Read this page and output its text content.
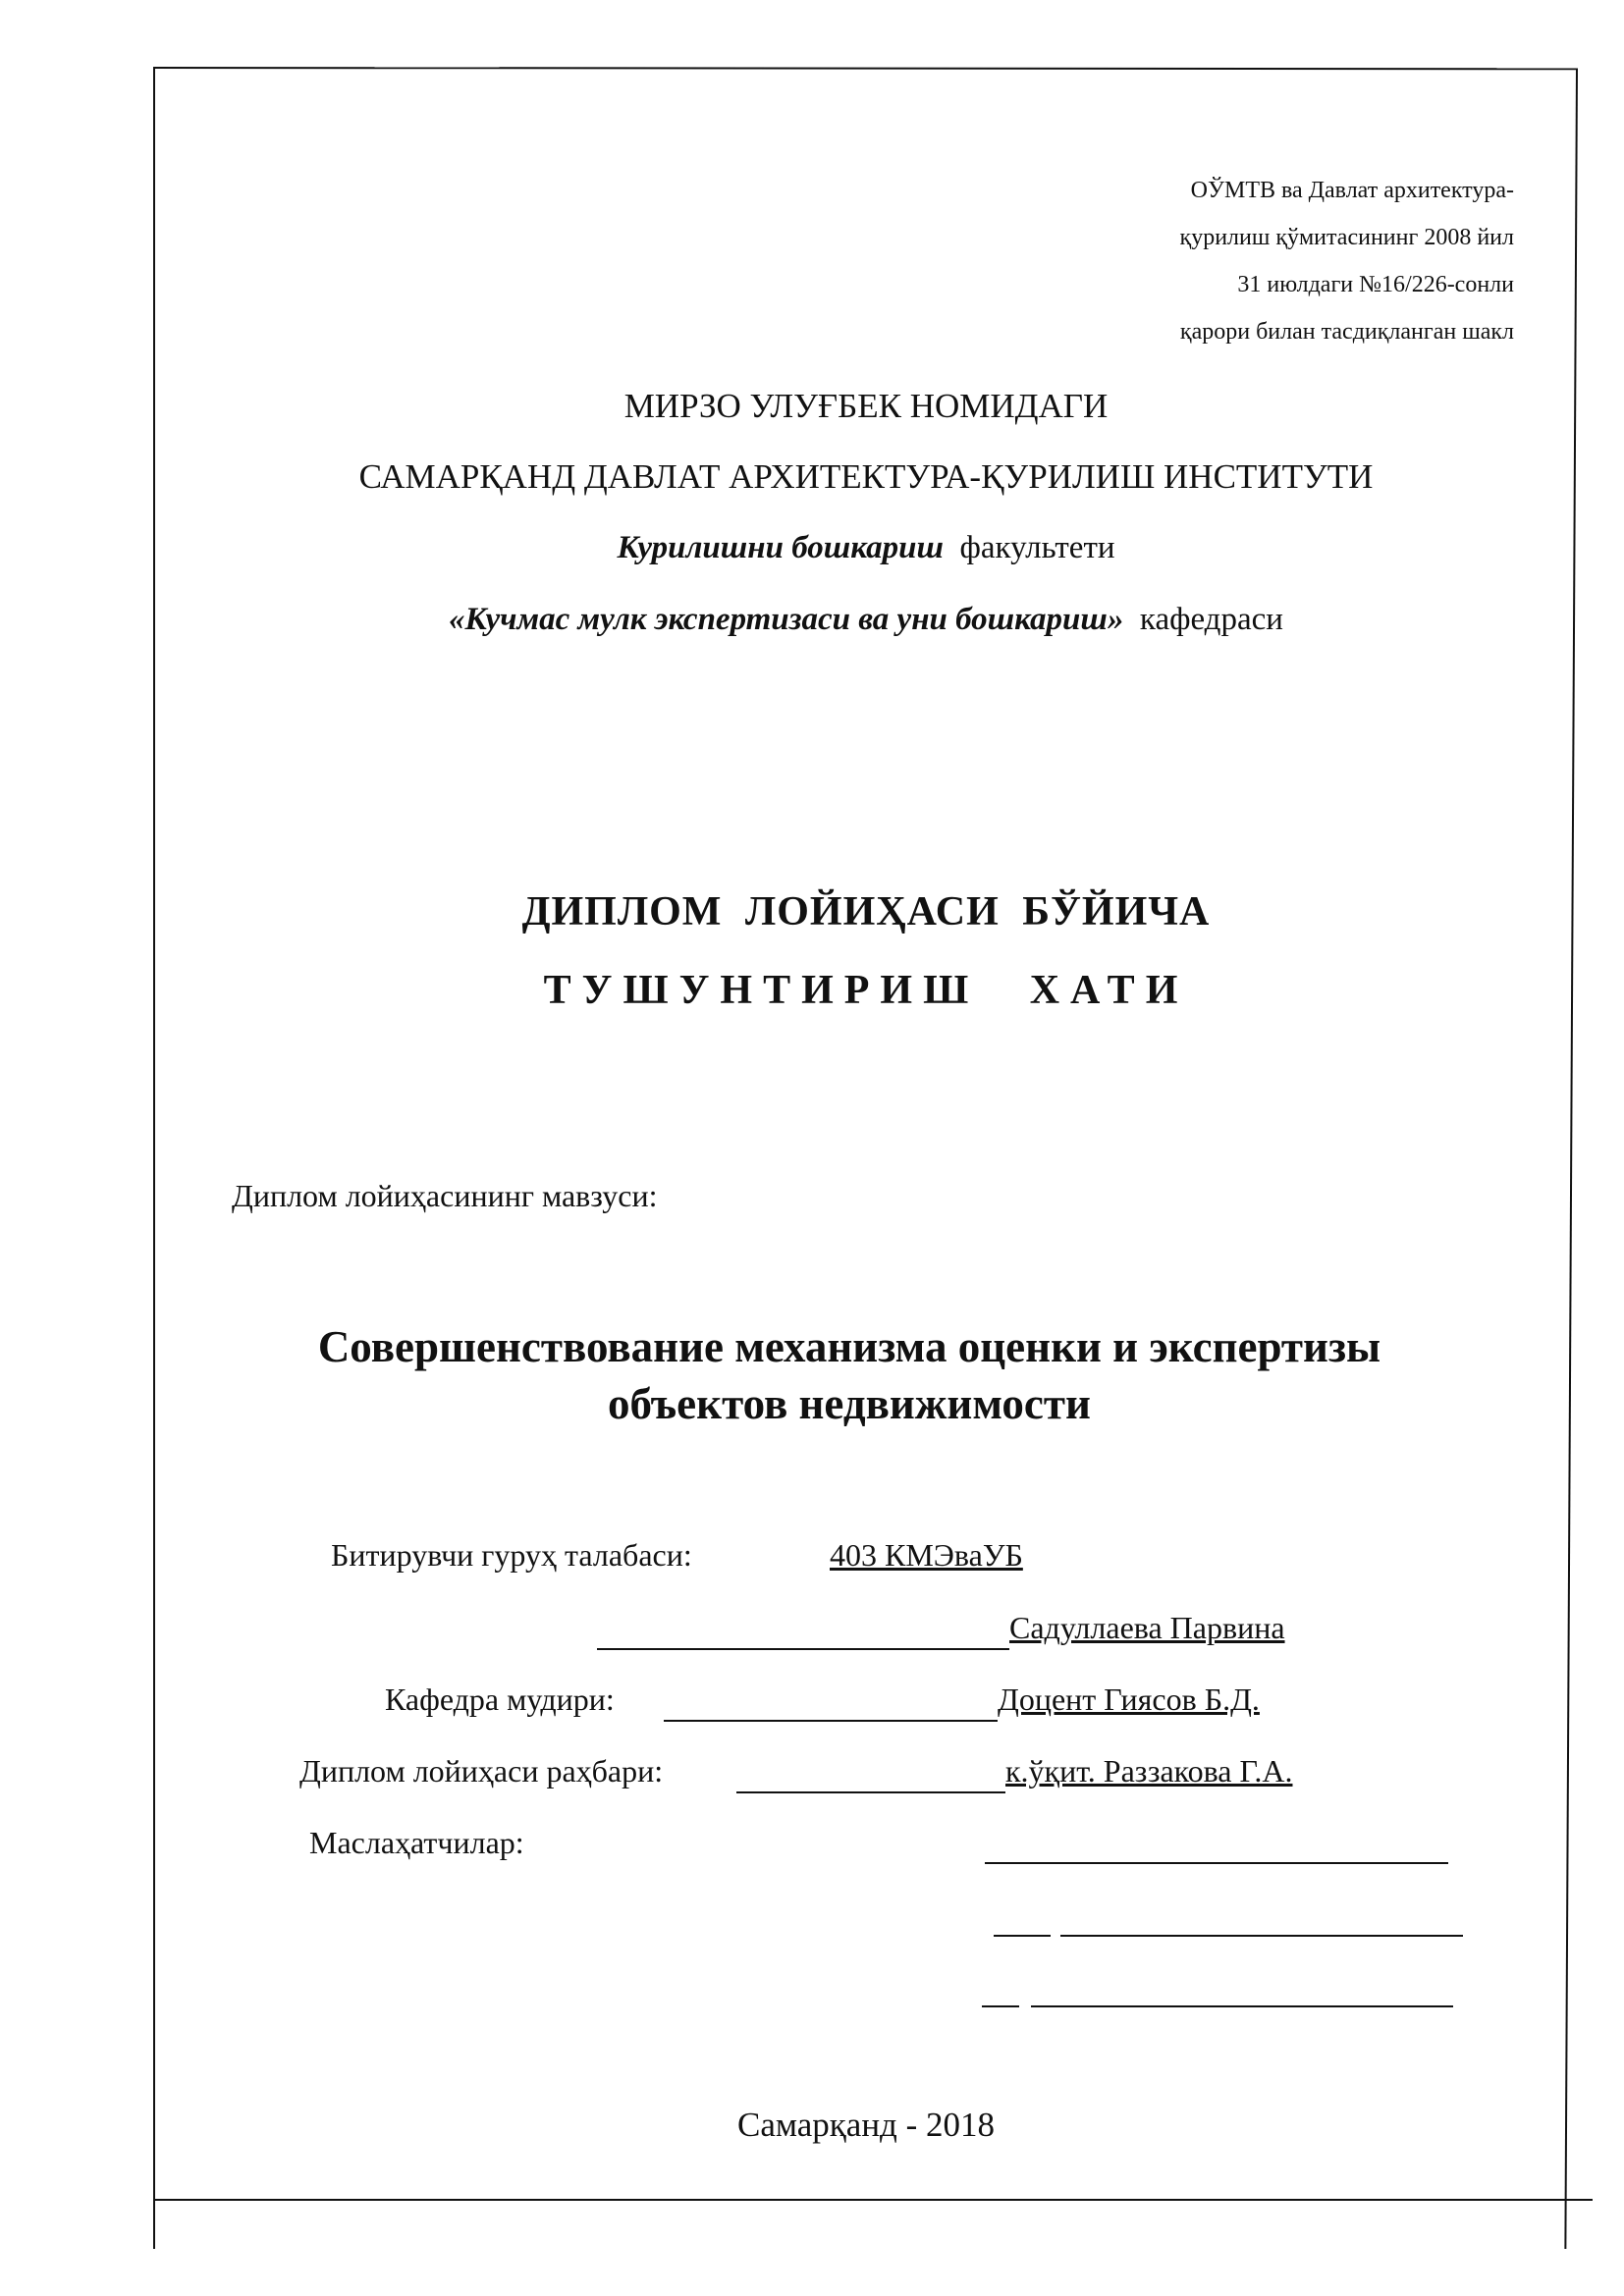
ОЎМТВ ва Давлат архитектура-
қурилиш қўмитасининг 2008 йил
31 июлдаги №16/226-сонли
қарори билан тасдиқланган шакл
МИРЗО УЛУҒБЕК НОМИДАГИ
САМАРҚАНД ДАВЛАТ АРХИТЕКТУРА-ҚУРИЛИШ ИНСТИТУТИ
Курилишни бошкариш факультети
«Кучмас мулк экспертизаси ва уни бошкариш» кафедраси
ДИПЛОМ ЛОЙИҲАСИ БЎЙИЧА
ТУШУНТИРИШ ХАТИ
Диплом лойиҳасининг мавзуси:
Совершенствование механизма оценки и экспертизы
объектов недвижимости
Битирувчи гуруҳ талабаси:	403 КМЭваУБ
Садуллаева Парвина
Кафедра мудири:	Доцент Гиясов Б.Д.
Диплом лойиҳаси раҳбари:	к.ўқит. Раззакова Г.А.
Маслаҳатчилар:
Самарқанд - 2018
